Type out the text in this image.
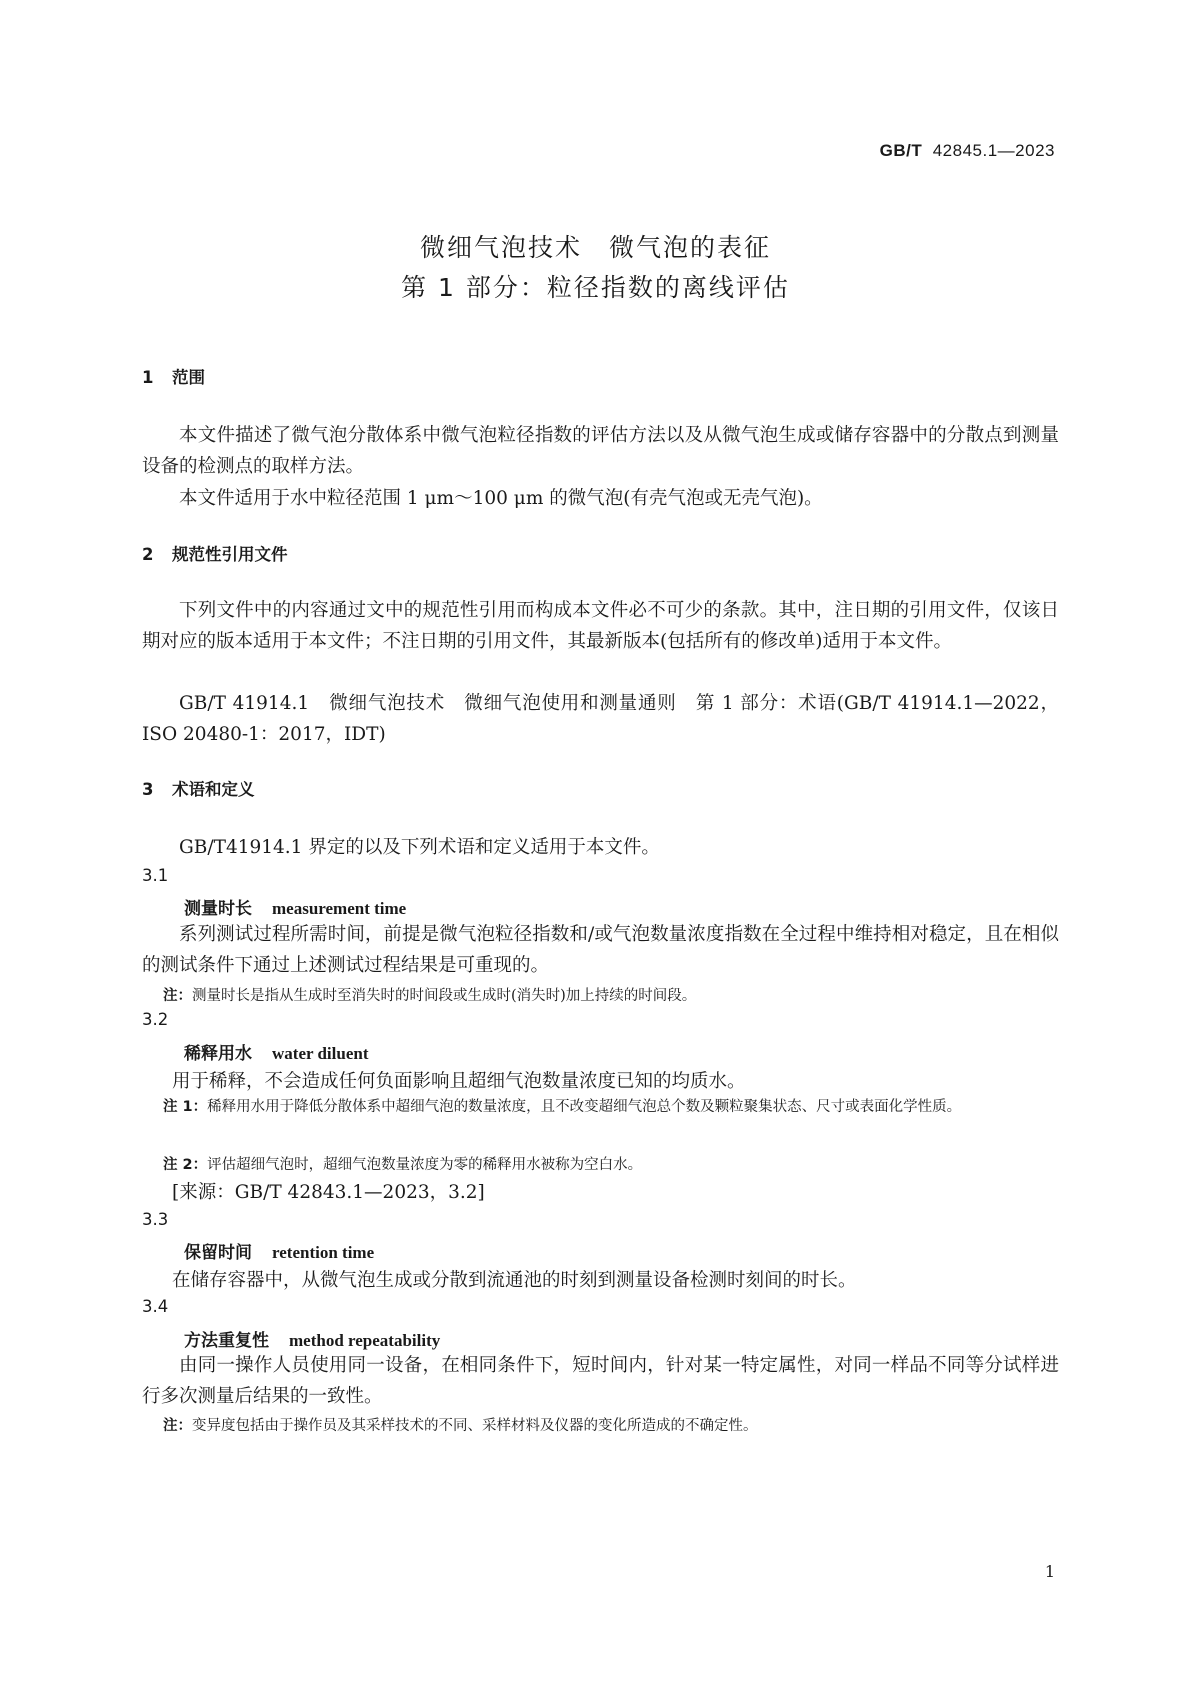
GB/T 42845.1—2023
微细气泡技术　微气泡的表征
第 1 部分：粒径指数的离线评估
1 范围
本文件描述了微气泡分散体系中微气泡粒径指数的评估方法以及从微气泡生成或储存容器中的分散点到测量设备的检测点的取样方法。
本文件适用于水中粒径范围 1 μm～100 μm 的微气泡(有壳气泡或无壳气泡)。
2 规范性引用文件
下列文件中的内容通过文中的规范性引用而构成本文件必不可少的条款。其中，注日期的引用文件，仅该日期对应的版本适用于本文件；不注日期的引用文件，其最新版本(包括所有的修改单)适用于本文件。
GB/T 41914.1　微细气泡技术　微细气泡使用和测量通则　第 1 部分：术语(GB/T 41914.1—2022，ISO 20480-1：2017，IDT)
3 术语和定义
GB/T41914.1 界定的以及下列术语和定义适用于本文件。
3.1
测量时长 measurement time
系列测试过程所需时间，前提是微气泡粒径指数和/或气泡数量浓度指数在全过程中维持相对稳定，且在相似的测试条件下通过上述测试过程结果是可重现的。
注：测量时长是指从生成时至消失时的时间段或生成时(消失时)加上持续的时间段。
3.2
稀释用水 water diluent
用于稀释，不会造成任何负面影响且超细气泡数量浓度已知的均质水。
注 1： 稀释用水用于降低分散体系中超细气泡的数量浓度，且不改变超细气泡总个数及颗粒聚集状态、尺寸或表面化学性质。
注 2：评估超细气泡时，超细气泡数量浓度为零的稀释用水被称为空白水。
[来源：GB/T 42843.1—2023，3.2]
3.3
保留时间 retention time
在储存容器中，从微气泡生成或分散到流通池的时刻到测量设备检测时刻间的时长。
3.4
方法重复性 method repeatability
由同一操作人员使用同一设备，在相同条件下，短时间内，针对某一特定属性，对同一样品不同等分试样进行多次测量后结果的一致性。
注：变异度包括由于操作员及其采样技术的不同、采样材料及仪器的变化所造成的不确定性。
1
